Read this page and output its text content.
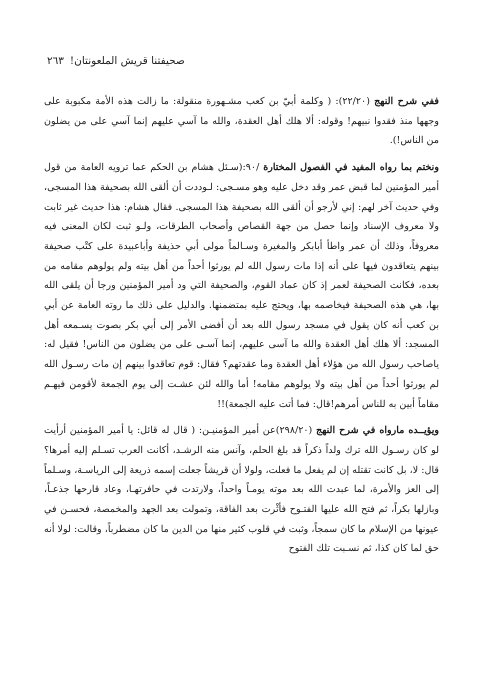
صحيفتنا قريش الملعونتان!
٢٦٣

ففي شرح النهج (٢٢/٢٠): ( وكلمة أبيّ بن كعب مشـهورة منقولة: ما زالت هذه الأمة مكبوبة على وجهها منذ فقدوا نبيهم! وقوله: ألا هلك أهل العقدة، والله ما آسي عليهم إنما آسي على من يضلون من الناس!).

ونختم بما رواه المفيد في الفصول المختارة /٩٠:(سـئل هشام بن الحكم عما ترويه العامة من قول أمير المؤمنين لما قبض عمر وقد دخل عليه وهو مسـجى: لـوددت أن ألقى الله بصحيفة هذا المسجى، وفي حديث آخر لهم: إني لأرجو أن ألقى الله بصحيفة هذا المسجى. فقال هشام: هذا حديث غير ثابت ولا معروف الإسناد وإنما حصل من جهة القصاص وأصحاب الطرقات، ولـو ثبت لكان المعنى فيه معروفاً، وذلك أن عمر واطأ أبابكر والمغيرة وسـالماً مولى أبي حذيفة وأباعبيدة على كتْب صحيفة بينهم يتعاقدون فيها على أنه إذا مات رسول الله لم يورثوا أحداً من أهل بيته ولم يولوهم مقامه من بعده، فكانت الصحيفة لعمر إذ كان عماد القوم، والصحيفة التي ود أمير المؤمنين ورجا أن يلقى الله بها، هي هذه الصحيفة فيخاصمه بها، ويحتج عليه بمتضمنها. والدليل على ذلك ما روته العامة عن أبي بن كعب أنه كان يقول في مسجد رسول الله بعد أن أفضى الأمر إلى أبي بكر بصوت يسـمعه أهل المسجد: ألا هلك أهل العقدة والله ما آسى عليهم، إنما آسـى على من يضلون من الناس! فقيل له: ياصاحب رسول الله من هؤلاء أهل العقدة وما عقدتهم؟ فقال: قوم تعاقدوا بينهم إن مات رسـول الله لم يورثوا أحداً من أهل بيته ولا يولوهم مقامه! أما والله لئن عشـت إلى يوم الجمعة لأقومن فيهـم مقاماً أبين به للناس أمرهم!قال: فما أتت عليه الجمعة)!!

ويؤيــده مارواه في شرح النهج (٢٩٨/٢٠)عن أمير المؤمنيـن: ( قال له قائل: يا أمير المؤمنين أرأيت لو كان رسـول الله ترك ولداً ذكراً قد بلغ الحلم، وآنس منه الرشـد، أكانت العرب تسـلم إليه أمرها؟ قال: لا، بل كانت تقتله إن لم يفعل ما فعلت، ولولا أن قريشاً جعلت إسمه ذريعة إلى الرياسـة، وسـلماً إلى العز والأمرة، لما عبدت الله بعد موته يومـاً واحداً، ولارتدت في حافرتهـا، وعاد قارحها جذعـاً، وبازلها بكراً، ثم فتح الله عليها الفتـوح فأثْرت بعد الفاقة، وتمولت بعد الجهد والمخمصة، فحسـن في عيونها من الإسلام ما كان سمجاً، وثبت في قلوب كثير منها من الدين ما كان مضطرباً، وقالت: لولا أنه حق لما كان كذا، ثم نسـبت تلك الفتوح
